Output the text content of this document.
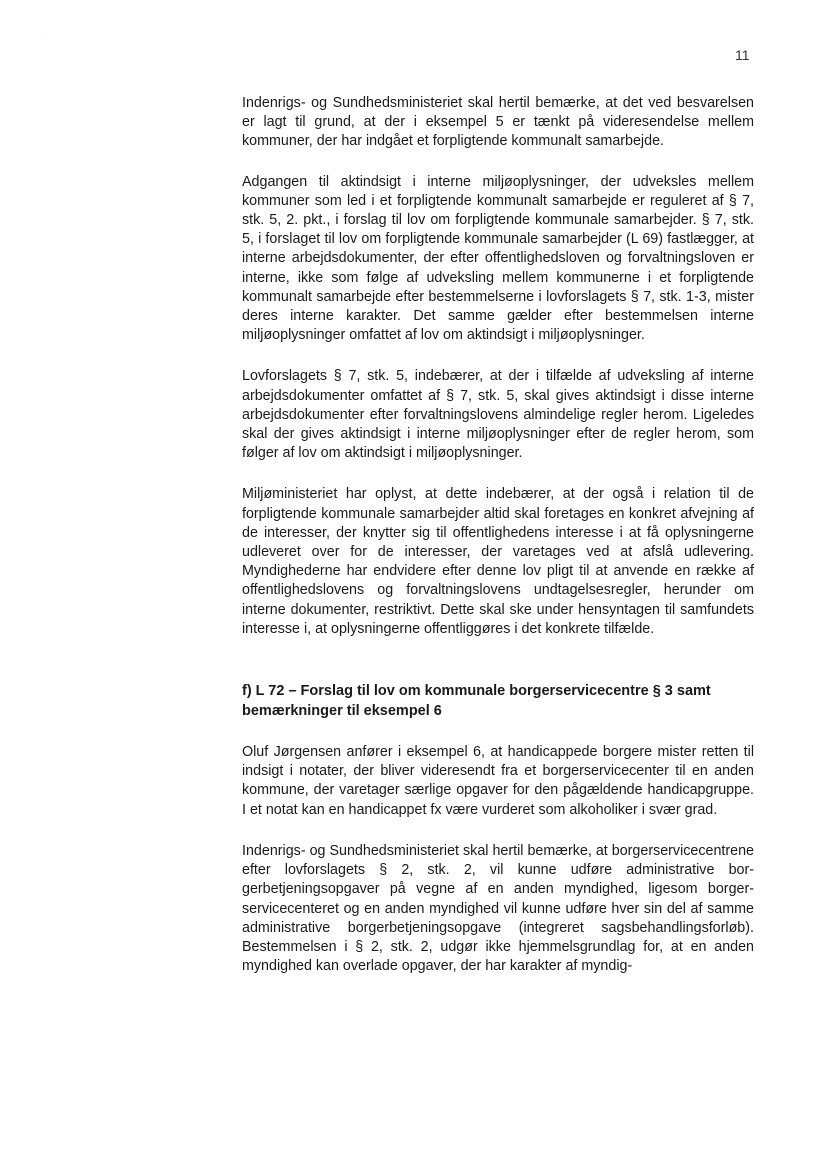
11

Indenrigs- og Sundhedsministeriet skal hertil bemærke, at det ved besvarelsen er lagt til grund, at der i eksempel 5 er tænkt på videresendelse mellem kommuner, der har indgået et forpligtende kommunalt samarbejde.

Adgangen til aktindsigt i interne miljøoplysninger, der udveksles mellem kommuner som led i et forpligtende kommunalt samarbejde er reguleret af § 7, stk. 5, 2. pkt., i forslag til lov om forpligtende kommunale samarbejder. § 7, stk. 5, i forslaget til lov om forpligtende kommunale samarbejder (L 69) fastlægger, at interne arbejdsdokumenter, der efter offentlighedsloven og forvaltningsloven er interne, ikke som følge af udveksling mellem kommunerne i et forpligtende kommunalt samarbejde efter bestemmelserne i lovforslagets § 7, stk. 1-3, mister deres interne karakter. Det samme gælder efter bestemmelsen interne miljøoplysninger omfattet af lov om aktindsigt i miljøoplysninger.

Lovforslagets § 7, stk. 5, indebærer, at der i tilfælde af udveksling af interne arbejdsdokumenter omfattet af § 7, stk. 5, skal gives aktindsigt i disse interne arbejdsdokumenter efter forvaltningslovens almindelige regler herom. Ligeledes skal der gives aktindsigt i interne miljøoplysninger efter de regler herom, som følger af lov om aktindsigt i miljøoplysninger.

Miljøministeriet har oplyst, at dette indebærer, at der også i relation til de forpligtende kommunale samarbejder altid skal foretages en konkret afvejning af de interesser, der knytter sig til offentlighedens interesse i at få oplysningerne udleveret over for de interesser, der varetages ved at afslå udlevering. Myndighederne har endvidere efter denne lov pligt til at anvende en række af offentlighedslovens og forvaltningslovens undtagelsesregler, herunder om interne dokumenter, restriktivt. Dette skal ske under hensyntagen til samfundets interesse i, at oplysningerne offentliggøres i det konkrete tilfælde.

f) L 72 – Forslag til lov om kommunale borgerservicecentre § 3 samt bemærkninger til eksempel 6

Oluf Jørgensen anfører i eksempel 6, at handicappede borgere mister retten til indsigt i notater, der bliver videresendt fra et borgerservicecenter til en anden kommune, der varetager særlige opgaver for den pågældende handicapgruppe. I et notat kan en handicappet fx være vurderet som alkoholiker i svær grad.

Indenrigs- og Sundhedsministeriet skal hertil bemærke, at borgerservicecentrene efter lovforslagets § 2, stk. 2, vil kunne udføre administrative borgerbetjeningsopgaver på vegne af en anden myndighed, ligesom borgerservicecenteret og en anden myndighed vil kunne udføre hver sin del af samme administrative borgerbetjeningsopgave (integreret sagsbehandlingsforløb). Bestemmelsen i § 2, stk. 2, udgør ikke hjemmelsgrundlag for, at en anden myndighed kan overlade opgaver, der har karakter af myndig-
